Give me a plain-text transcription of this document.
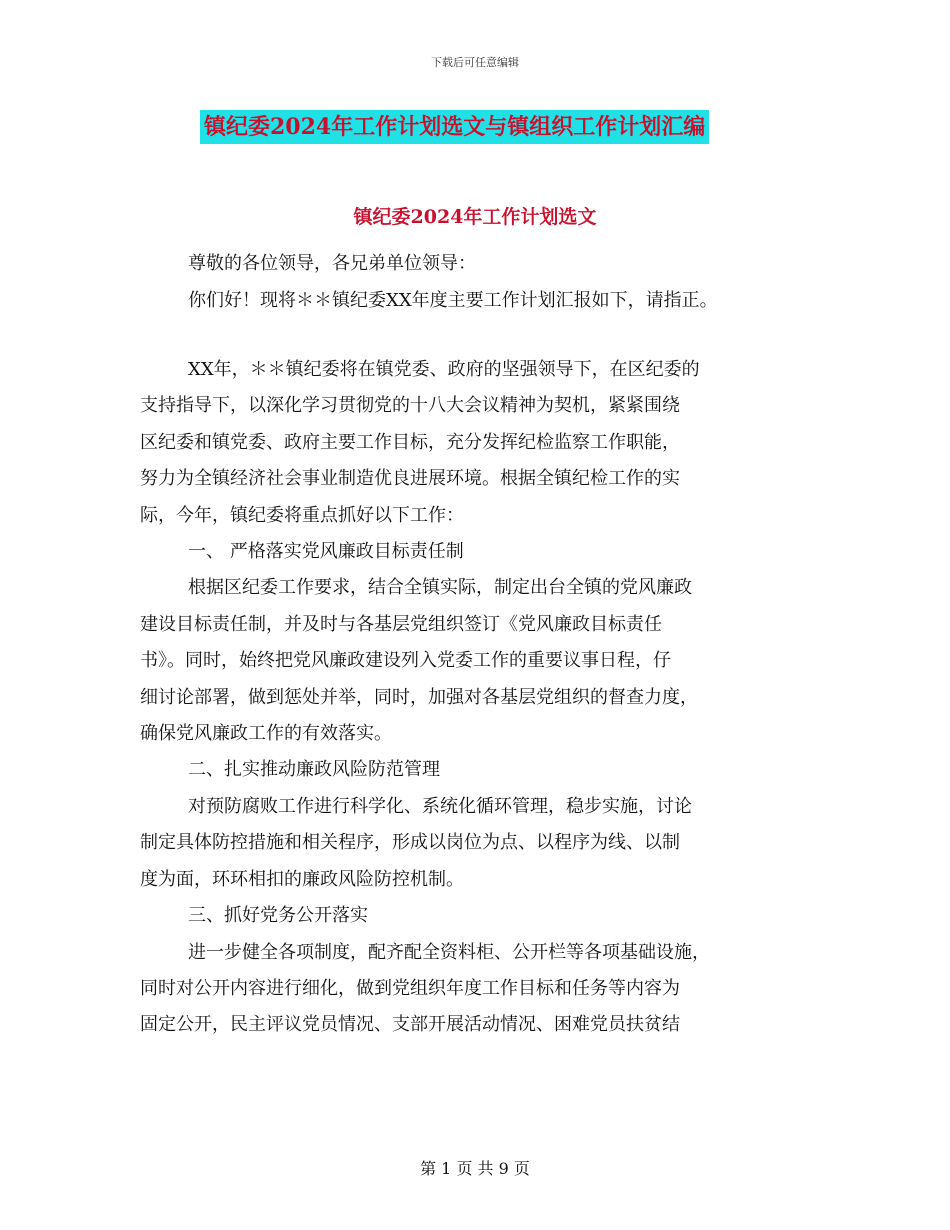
下载后可任意编辑
镇纪委2024年工作计划选文与镇组织工作计划汇编
镇纪委2024年工作计划选文
尊敬的各位领导，各兄弟单位领导：
你们好！现将＊＊镇纪委XX年度主要工作计划汇报如下，请指正。
XX年，＊＊镇纪委将在镇党委、政府的坚强领导下，在区纪委的
支持指导下，以深化学习贯彻党的十八大会议精神为契机，紧紧围绕
区纪委和镇党委、政府主要工作目标，充分发挥纪检监察工作职能，
努力为全镇经济社会事业制造优良进展环境。根据全镇纪检工作的实
际，今年，镇纪委将重点抓好以下工作：
一、 严格落实党风廉政目标责任制
根据区纪委工作要求，结合全镇实际，制定出台全镇的党风廉政
建设目标责任制，并及时与各基层党组织签订《党风廉政目标责任
书》。同时，始终把党风廉政建设列入党委工作的重要议事日程，仔
细讨论部署，做到惩处并举，同时，加强对各基层党组织的督查力度，
确保党风廉政工作的有效落实。
二、扎实推动廉政风险防范管理
对预防腐败工作进行科学化、系统化循环管理，稳步实施，讨论
制定具体防控措施和相关程序，形成以岗位为点、以程序为线、以制
度为面，环环相扣的廉政风险防控机制。
三、抓好党务公开落实
进一步健全各项制度，配齐配全资料柜、公开栏等各项基础设施，
同时对公开内容进行细化，做到党组织年度工作目标和任务等内容为
固定公开，民主评议党员情况、支部开展活动情况、困难党员扶贫结
第 1 页 共 9 页
